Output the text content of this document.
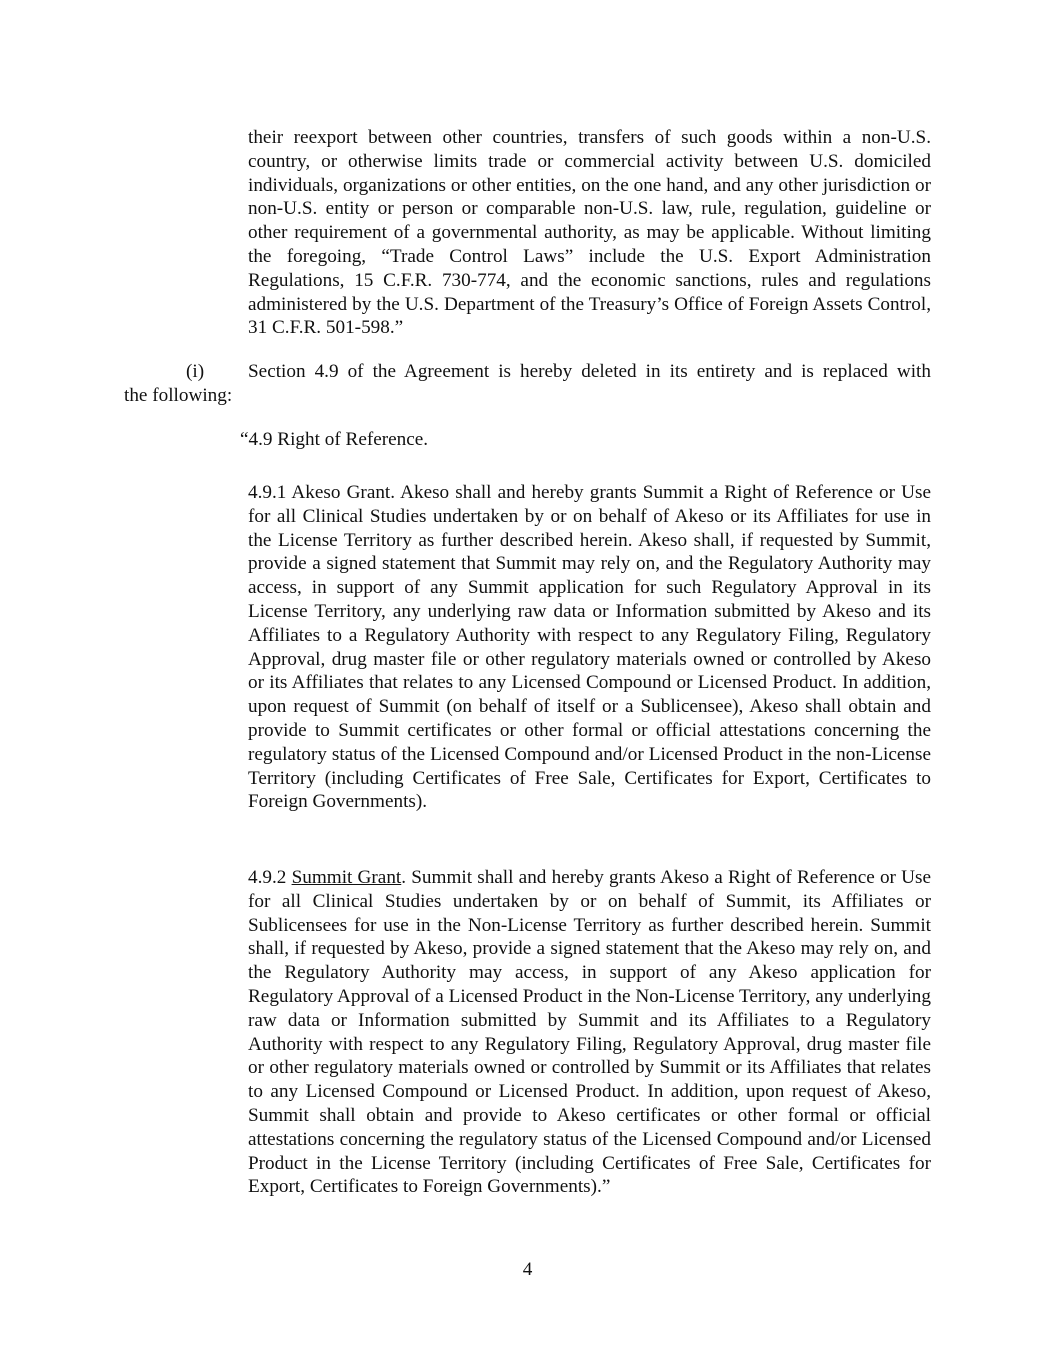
their reexport between other countries, transfers of such goods within a non-U.S. country, or otherwise limits trade or commercial activity between U.S. domiciled individuals, organizations or other entities, on the one hand, and any other jurisdiction or non-U.S. entity or person or comparable non-U.S. law, rule, regulation, guideline or other requirement of a governmental authority, as may be applicable. Without limiting the foregoing, “Trade Control Laws” include the U.S. Export Administration Regulations, 15 C.F.R. 730-774, and the economic sanctions, rules and regulations administered by the U.S. Department of the Treasury’s Office of Foreign Assets Control, 31 C.F.R. 501-598.”

(i)	Section 4.9 of the Agreement is hereby deleted in its entirety and is replaced with
the following:

“4.9 Right of Reference.

4.9.1 Akeso Grant. Akeso shall and hereby grants Summit a Right of Reference or Use for all Clinical Studies undertaken by or on behalf of Akeso or its Affiliates for use in the License Territory as further described herein. Akeso shall, if requested by Summit, provide a signed statement that Summit may rely on, and the Regulatory Authority may access, in support of any Summit application for such Regulatory Approval in its License Territory, any underlying raw data or Information submitted by Akeso and its Affiliates to a Regulatory Authority with respect to any Regulatory Filing, Regulatory Approval, drug master file or other regulatory materials owned or controlled by Akeso or its Affiliates that relates to any Licensed Compound or Licensed Product. In addition, upon request of Summit (on behalf of itself or a Sublicensee), Akeso shall obtain and provide to Summit certificates or other formal or official attestations concerning the regulatory status of the Licensed Compound and/or Licensed Product in the non-License Territory (including Certificates of Free Sale, Certificates for Export, Certificates to Foreign Governments).

4.9.2 Summit Grant. Summit shall and hereby grants Akeso a Right of Reference or Use for all Clinical Studies undertaken by or on behalf of Summit, its Affiliates or Sublicensees for use in the Non-License Territory as further described herein. Summit shall, if requested by Akeso, provide a signed statement that the Akeso may rely on, and the Regulatory Authority may access, in support of any Akeso application for Regulatory Approval of a Licensed Product in the Non-License Territory, any underlying raw data or Information submitted by Summit and its Affiliates to a Regulatory Authority with respect to any Regulatory Filing, Regulatory Approval, drug master file or other regulatory materials owned or controlled by Summit or its Affiliates that relates to any Licensed Compound or Licensed Product. In addition, upon request of Akeso, Summit shall obtain and provide to Akeso certificates or other formal or official attestations concerning the regulatory status of the Licensed Compound and/or Licensed Product in the License Territory (including Certificates of Free Sale, Certificates for Export, Certificates to Foreign Governments).”

4
